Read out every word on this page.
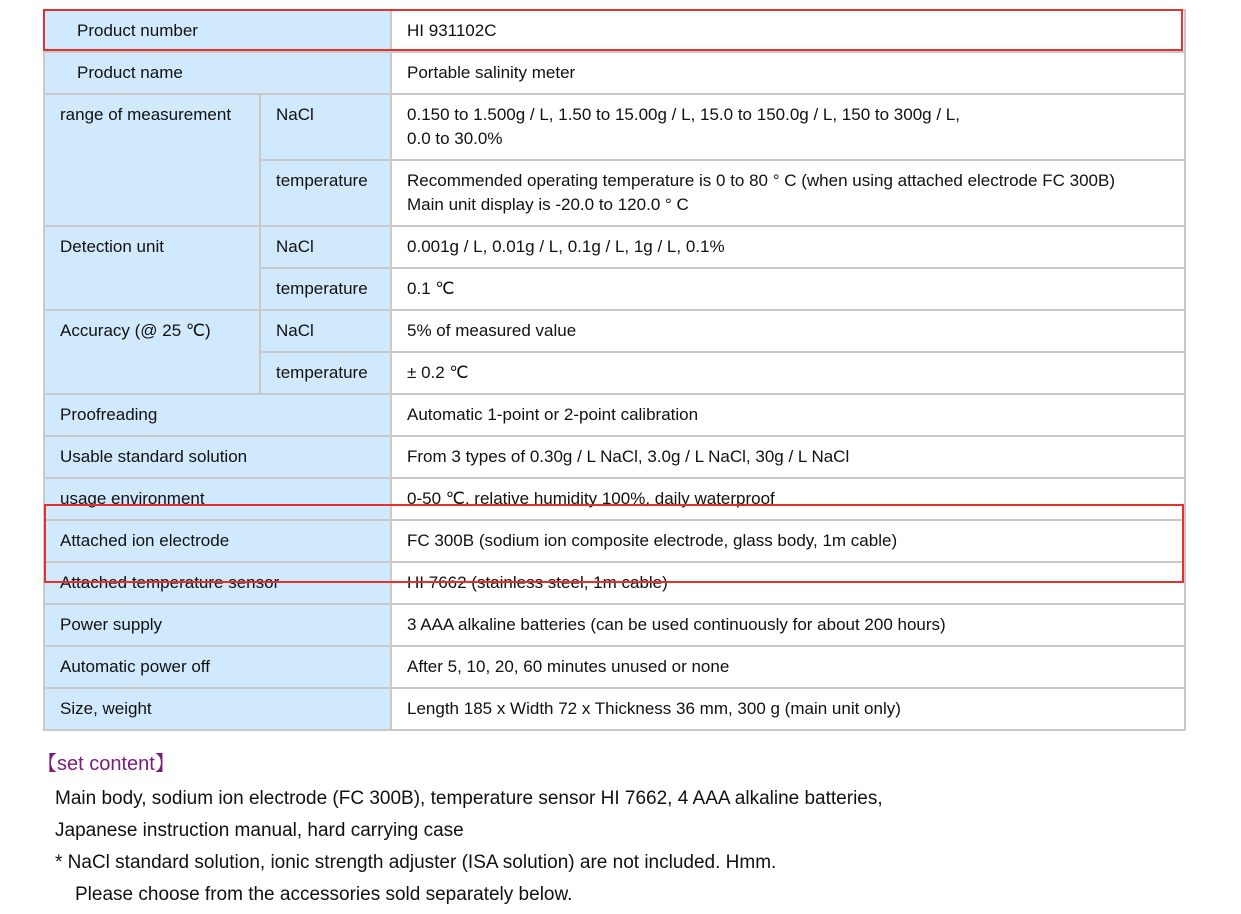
Product number		HI 931102C
Product name		Portable salinity meter
range of measurement	NaCl	0.150 to 1.500g / L, 1.50 to 15.00g / L, 15.0 to 150.0g / L, 150 to 300g / L,
0.0 to 30.0%

	temperature	Recommended operating temperature is 0 to 80 ° C (when using attached electrode FC 300B)
Main unit display is -20.0 to 120.0 ° C

Detection unit	NaCl	0.001g / L, 0.01g / L, 0.1g / L, 1g / L, 0.1%
	temperature	0.1 ℃
Accuracy (@ 25 ℃)	NaCl	5% of measured value
	temperature	± 0.2 ℃
Proofreading		Automatic 1-point or 2-point calibration
Usable standard solution		From 3 types of 0.30g / L NaCl, 3.0g / L NaCl, 30g / L NaCl
usage environment		0-50 ℃, relative humidity 100%, daily waterproof
Attached ion electrode		FC 300B (sodium ion composite electrode, glass body, 1m cable)
Attached temperature sensor		HI 7662 (stainless steel, 1m cable)
Power supply		3 AAA alkaline batteries (can be used continuously for about 200 hours)
Automatic power off		After 5, 10, 20, 60 minutes unused or none
Size, weight		Length 185 x Width 72 x Thickness 36 mm, 300 g (main unit only)
【set content】
Main body, sodium ion electrode (FC 300B), temperature sensor HI 7662, 4 AAA alkaline batteries,
Japanese instruction manual, hard carrying case
* NaCl standard solution, ionic strength adjuster (ISA solution) are not included. Hmm.
Please choose from the accessories sold separately below.
